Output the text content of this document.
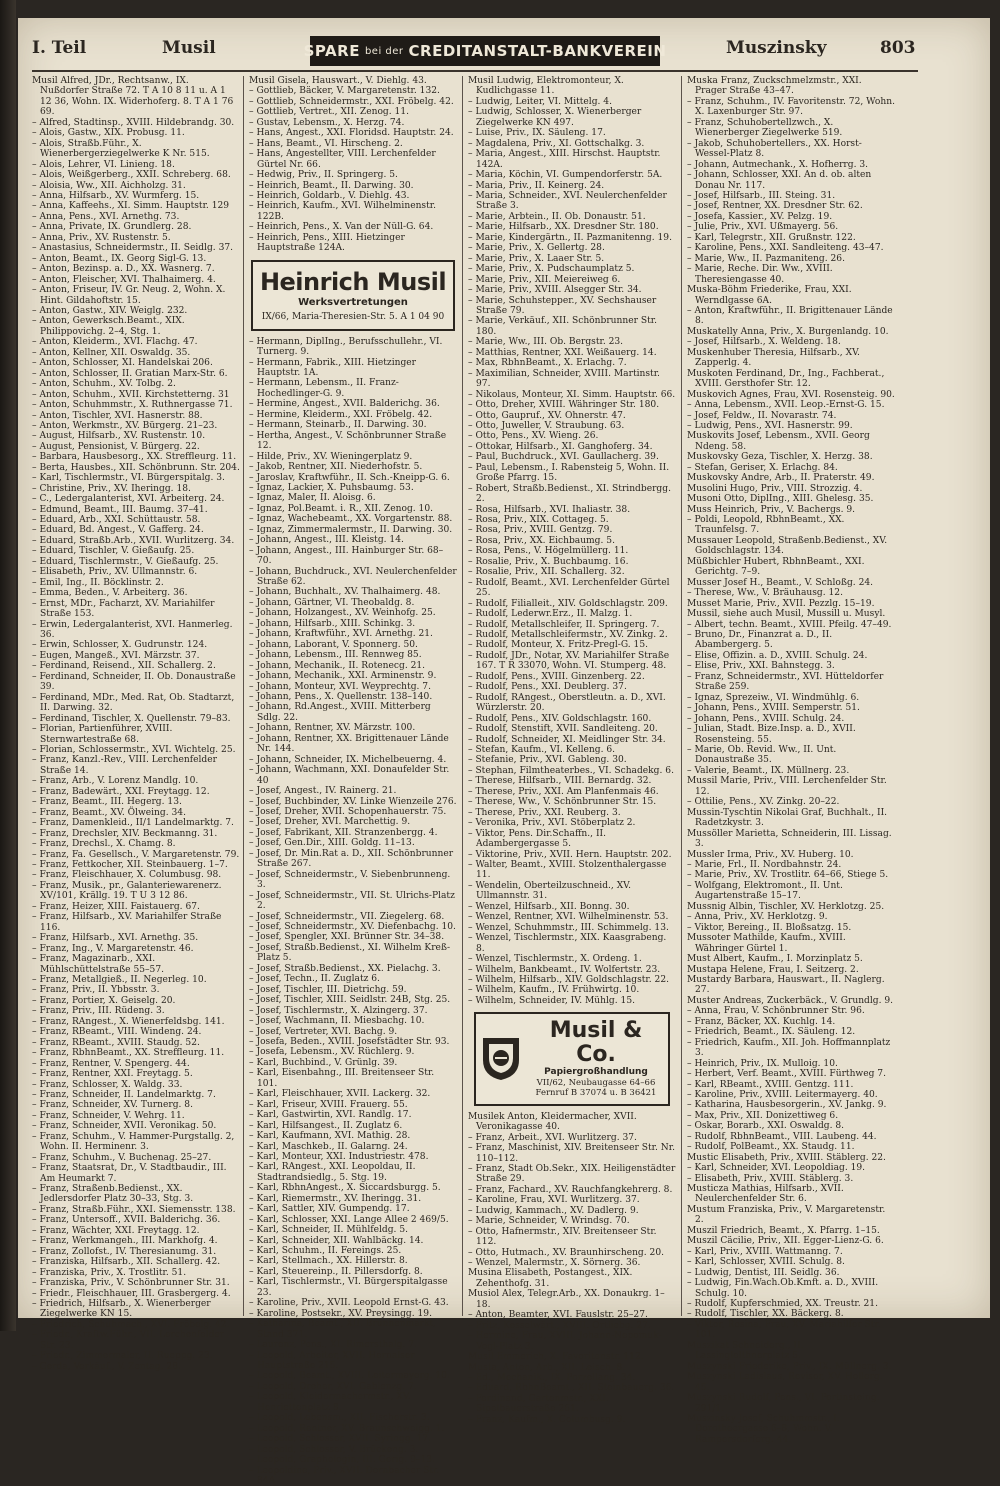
I. Teil	Musil	SPARE bei der CREDITANSTALT-BANKVEREIN	Muszinsky	803

Musil Alfred, JDr., Rechtsanw., IX. Nußdorfer Straße 72. T A 10 8 11 u. A 1 12 36, Wohn. IX. Widerhoferg. 8. T A 1 76 69.

– Alfred, Stadtinsp., XVIII. Hildebrandg. 30.

– Alois, Gastw., XIX. Probusg. 11.

– Alois, Straßb.Führ., X. Wienerbergerziegelwerke K Nr. 515.

– Alois, Lehrer, VI. Linieng. 18.

– Alois, Weißgerberg., XXII. Schreberg. 68.

– Aloisia, Ww., XII. Aichholzg. 31.

– Anna, Hilfsarb., XV. Wurmferg. 15.

– Anna, Kaffeehs., XI. Simm. Hauptstr. 129

– Anna, Pens., XVI. Arnethg. 73.

– Anna, Private, IX. Grundlerg. 28.

– Anna, Priv., XV. Rustenstr. 5.

– Anastasius, Schneidermstr., II. Seidlg. 37.

– Anton, Beamt., IX. Georg Sigl-G. 13.

– Anton, Bezinsp. a. D., XX. Wasnerg. 7.

– Anton, Fleischer, XVI. Thalhaimerg. 4.

– Anton, Friseur, IV. Gr. Neug. 2, Wohn. X. Hint. Gildahoftstr. 15.

– Anton, Gastw., XIV. Weiglg. 232.

– Anton, Gewerksch.Beamt., XIX. Philippovichg. 2–4, Stg. 1.

– Anton, Kleiderm., XVI. Flachg. 47.

– Anton, Kellner, XII. Oswaldg. 35.

– Anton, Schlosser, XI. Handelskai 206.

– Anton, Schlosser, II. Gratian Marx-Str. 6.

– Anton, Schuhm., XV. Tolbg. 2.

– Anton, Schuhm., XVII. Kirchstetterng. 31

– Anton, Schuhmmstr., X. Ruthnergasse 71.

– Anton, Tischler, XVI. Hasnerstr. 88.

– Anton, Werkmstr., XV. Bürgerg. 21–23.

– August, Hilfsarb., XV. Rustenstr. 10.

– August, Pensionist, V. Bürgerg. 22.

– Barbara, Hausbesorg., XX. Streffleurg. 11.

– Berta, Hausbes., XII. Schönbrunn. Str. 204.

– Karl, Tischlermstr., VI. Bürgerspitalg. 3.

– Christine, Priv., XV. Iheringg. 18.

– C., Ledergalanterist, XVI. Arbeiterg. 24.

– Edmund, Beamt., III. Baumg. 37–41.

– Eduard, Arb., XXI. Schüttaustr. 58.

– Eduard, Bd. Angest., V. Gafferg. 24.

– Eduard, Straßb.Arb., XVII. Wurlitzerg. 34.

– Eduard, Tischler, V. Gießaufg. 25.

– Eduard, Tischlermstr., V. Gießaufg. 25.

– Elisabeth, Priv., XV. Ullmannstr. 6.

– Emil, Ing., II. Böcklinstr. 2.

– Emma, Beden., V. Arbeiterg. 36.

– Ernst, MDr., Facharzt, XV. Mariahilfer Straße 153.

– Erwin, Ledergalanterist, XVI. Hanmerleg. 36.

– Erwin, Schlosser, X. Gudrunstr. 124.

– Eugen, Mangeß., XVI. Märzstr. 37.

– Ferdinand, Reisend., XII. Schallerg. 2.

– Ferdinand, Schneider, II. Ob. Donaustraße 39.

– Ferdinand, MDr., Med. Rat, Ob. Stadtarzt, II. Darwing. 32.

– Ferdinand, Tischler, X. Quellenstr. 79–83.

– Florian, Partienführer, XVIII. Sternwartestraße 68.

– Florian, Schlossermstr., XVI. Wichtelg. 25.

– Franz, Kanzl.-Rev., VIII. Lerchenfelder Straße 14.

– Franz, Arb., V. Lorenz Mandlg. 10.

– Franz, Badewärt., XXI. Freytagg. 12.

– Franz, Beamt., III. Hegerg. 13.

– Franz, Beamt., XV. Ölweing. 34.

– Franz, Damenkleid., II/1 Landelmarktg. 7.

– Franz, Drechsler, XIV. Beckmanng. 31.

– Franz, Drechsl., X. Chamg. 8.

– Franz, Fa. Gesellsch., V. Margaretenstr. 79.

– Franz, Fettkocher, XII. Steinbauerg. 1–7.

– Franz, Fleischhauer, X. Columbusg. 98.

– Franz, Musik., pr., Galanteriewarenerz. XV/101, Krällg. 19. T U 3 12 86.

– Franz, Heizer, XIII. Faistauerg. 67.

– Franz, Hilfsarb., XV. Mariahilfer Straße 116.

– Franz, Hilfsarb., XVI. Arnethg. 35.

– Franz, Ing., V. Margaretenstr. 46.

– Franz, Magazinarb., XXI. Mühlschüttelstraße 55–57.

– Franz, Metallgieß., II. Negerleg. 10.

– Franz, Priv., II. Ybbsstr. 3.

– Franz, Portier, X. Geiselg. 20.

– Franz, Priv., III. Rüdeng. 3.

– Franz, RAngest., X. Wienerfeldsbg. 141.

– Franz, RBeamt., VIII. Windeng. 24.

– Franz, RBeamt., XVIII. Staudg. 52.

– Franz, RbhnBeamt., XX. Streffleurg. 11.

– Franz, Rentner, V. Spengerg. 44.

– Franz, Rentner, XXI. Freytagg. 5.

– Franz, Schlosser, X. Waldg. 33.

– Franz, Schneider, II. Landelmarktg. 7.

– Franz, Schneider, XV. Turnerg. 8.

– Franz, Schneider, V. Wehrg. 11.

– Franz, Schneider, XVII. Veronikag. 50.

– Franz, Schuhm., V. Hammer-Purgstallg. 2, Wohn. II. Herminenr. 3.

– Franz, Schuhm., V. Buchenag. 25–27.

– Franz, Staatsrat, Dr., V. Stadtbaudir., III. Am Heumarkt 7.

– Franz, Straßenb.Bedienst., XX. Jedlersdorfer Platz 30–33, Stg. 3.

– Franz, Straßb.Führ., XXI. Siemensstr. 138.

– Franz, Untersoff., XVII. Balderichg. 36.

– Franz, Wächter, XXI. Freytagg. 12.

– Franz, Werkmangeh., III. Markhofg. 4.

– Franz, Zollofst., IV. Theresianumg. 31.

– Franziska, Hilfsarb., XII. Schallerg. 42.

– Franziska, Priv., X. Trostlitr. 51.

– Franziska, Priv., V. Schönbrunner Str. 31.

– Friedr., Fleischhauer, III. Grasbergerg. 4.

– Friedrich, Hilfsarb., X. Wienerberger Ziegelwerke KN 15.

– Friedrich, Schuhmach., XVI. Fröbelg. 42.

– Friedr., Kraftw.Führ., VII. Lerchenfelder Str. 23.

– Friedr., Zimmermaler, II. Rueppg. 23.

– Gerda, Verkäuf., V. Zentag. 28.

Musil Gisela, Hauswart., V. Diehlg. 43.

– Gottlieb, Bäcker, V. Margaretenstr. 132.

– Gottlieb, Schneidermstr., XXI. Fröbelg. 42.

– Gottlieb, Vertret., XII. Zenog. 11.

– Gustav, Lebensm., X. Herzg. 74.

– Hans, Angest., XXI. Floridsd. Hauptstr. 24.

– Hans, Beamt., VI. Hirscheng. 2.

– Hans, Angestellter, VIII. Lerchenfelder Gürtel Nr. 66.

– Hedwig, Priv., II. Springerg. 5.

– Heinrich, Beamt., II. Darwing. 30.

– Heinrich, Goldarb., V. Diehlg. 43.

– Heinrich, Kaufm., XVI. Wilhelminenstr. 122B.

– Heinrich, Pens., X. Van der Nüll-G. 64.

– Heinrich, Pens., XIII. Hietzinger Hauptstraße 124A.

Heinrich Musil
Werksvertretungen
IX/66, Maria-Theresien-Str. 5. A 1 04 90

– Hermann, DiplIng., Berufsschullehr., VI. Turnerg. 9.

– Hermann, Fabrik., XIII. Hietzinger Hauptstr. 1A.

– Hermann, Lebensm., II. Franz-Hochedlinger-G. 9.

– Hermine, Angest., XVII. Balderichg. 36.

– Hermine, Kleiderm., XXI. Fröbelg. 42.

– Hermann, Steinarb., II. Darwing. 30.

– Hertha, Angest., V. Schönbrunner Straße 12.

– Hilde, Priv., XV. Wieningerplatz 9.

– Jakob, Rentner, XII. Niederhofstr. 5.

– Jaroslav, Kraftwführ., II. Sch.-Kneipp-G. 6.

– Ignaz, Lackier, X. Puhsbaumg. 53.

– Ignaz, Maler, II. Aloisg. 6.

– Ignaz, Pol.Beamt. i. R., XII. Zenog. 10.

– Ignaz, Wachebeamt., XX. Vorgartenstr. 88.

– Ignaz, Zimmermalermstr., II. Darwing. 30.

– Johann, Angest., III. Kleistg. 14.

– Johann, Angest., III. Hainburger Str. 68–70.

– Johann, Buchdruck., XVI. Neulerchenfelder Straße 62.

– Johann, Buchhalt., XV. Thalhaimerg. 48.

– Johann, Gärtner, VI. Theobaldg. 8.

– Johann, Holzangest., XV. Weinhofg. 25.

– Johann, Hilfsarb., XIII. Schinkg. 3.

– Johann, Kraftwführ., XVI. Arnethg. 21.

– Johann, Laborant, V. Sponnerg. 50.

– Johann, Lebensm., III. Rennweg 85.

– Johann, Mechanik., II. Rotenecg. 21.

– Johann, Mechanik., XXI. Arminenstr. 9.

– Johann, Monteur, XVI. Weyprechtg. 7.

– Johann, Pens., X. Quellenstr. 138–140.

– Johann, Rd.Angest., XVIII. Mitterberg Sdlg. 22.

– Johann, Rentner, XV. Märzstr. 100.

– Johann, Rentner, XX. Brigittenauer Lände Nr. 144.

– Johann, Schneider, IX. Michelbeuerng. 4.

– Johann, Wachmann, XXI. Donaufelder Str. 40

– Josef, Angest., IV. Rainerg. 21.

– Josef, Buchbinder, XV. Linke Wienzeile 276.

– Josef, Dreher, XVII. Schopenhauerstr. 75.

– Josef, Dreher, XVI. Marchettig. 9.

– Josef, Fabrikant, XII. Stranzenbergg. 4.

– Josef, Gen.Dir., XIII. Goldg. 11–13.

– Josef, Dr. Min.Rat a. D., XII. Schönbrunner Straße 267.

– Josef, Schneidermstr., V. Siebenbrunneng. 3.

– Josef, Schneidermstr., VII. St. Ulrichs-Platz 2.

– Josef, Schneidermstr., VII. Ziegelerg. 68.

– Josef, Schneidermstr., XV. Diefenbachg. 10.

– Josef, Spengler, XXI. Brünner Str. 34–38.

– Josef, Straßb.Bedienst., XI. Wilhelm Kreß-Platz 5.

– Josef, Straßb.Bedienst., XX. Pielachg. 3.

– Josef, Techn., II. Zuglatz 6.

– Josef, Tischler, III. Dietrichg. 59.

– Josef, Tischler, XIII. Seidlstr. 24B, Stg. 25.

– Josef, Tischlermstr., X. Alzingerg. 37.

– Josef, Wachmann, II. Miesbachg. 10.

– Josef, Vertreter, XVI. Bachg. 9.

– Josefa, Beden., XVIII. Josefstädter Str. 93.

– Josefa, Lebensm., XV. Rüchlerg. 9.

– Karl, Buchbind., V. Grünlg. 39.

– Karl, Eisenbahng., III. Breitenseer Str. 101.

– Karl, Fleischhauer, XVII. Lackerg. 32.

– Karl, Friseur, XVIII. Frauerg. 55.

– Karl, Gastwirtin, XVI. Randlg. 17.

– Karl, Hilfsangest., II. Zuglatz 6.

– Karl, Kaufmann, XVI. Mathig. 28.

– Karl, Maschkeb., II. Galarng. 24.

– Karl, Monteur, XXI. Industriestr. 478.

– Karl, RAngest., XXI. Leopoldau, II. Stadtrandsiedlg., 5. Stg. 19.

– Karl, RbhnAngest., X. Siccardsburgg. 5.

– Karl, Riemermstr., XV. Iheringg. 31.

– Karl, Sattler, XIV. Gumpendg. 17.

– Karl, Schlosser, XXI. Lange Allee 2 469/5.

– Karl, Schneider, II. Mühlfeldg. 5.

– Karl, Schneider, XII. Wahlbäckg. 14.

– Karl, Schuhm., II. Fereings. 25.

– Karl, Stellmach., XX. Hillerstr. 8.

– Karl, Steuereinp., II. Pillersdorfg. 8.

– Karl, Tischlermstr., VI. Bürgerspitalgasse 23.

– Karoline, Priv., XVII. Leopold Ernst-G. 43.

– Karoline, Postsekr., XV. Preysingg. 19.

– Katharina, Beamt., XII. Brunnenmarkt, Stand 371.

– Laurenz, Pens., XI. Rimersthalg. 7.

– Leopold, Arbeiter, XVII. Hernalser Hauptstraße 215.

– Leopold, Beamt., XVIII. Leitermayerg. 10.

– Leopold, Dreher, XVI. Gablenzg. 7.

– Leopold, Kleidermachermstr., XV. Henriettenplatz 8.

– Leopold, Lebensm., XII. Fischerstr. 3.

– Leopold, Rentner, XV. Braunschweigg. 1.

– Leopold, Schlosser, XVII. Syringg. 17.

– Leopold, Schlosser, V. Brückeng. 3.

– Leopold, Graphologin, III. Gerig. 9–13.

– Leopoldine, Priv., XVII. Dornbacher Str. 84A

Musil Ludwig, Elektromonteur, X. Kudlichgasse 11.

– Ludwig, Leiter, VI. Mittelg. 4.

– Ludwig, Schlosser, X. Wienerberger Ziegelwerke KN 497.

– Luise, Priv., IX. Säuleng. 17.

– Magdalena, Priv., XI. Gottschalkg. 3.

– Maria, Angest., XIII. Hirschst. Hauptstr. 142A.

– Maria, Köchin, VI. Gumpendorferstr. 5A.

– Maria, Priv., II. Keinerg. 24.

– Maria, Schneider., XVI. Neulerchenfelder Straße 3.

– Marie, Arbtein., II. Ob. Donaustr. 51.

– Marie, Hilfsarb., XX. Dresdner Str. 180.

– Marie, Kindergärtn., II. Pazmanitenng. 19.

– Marie, Priv., X. Gellertg. 28.

– Marie, Priv., X. Laaer Str. 5.

– Marie, Priv., X. Pudschaumplatz 5.

– Marie, Priv., XII. Meiereiweg 6.

– Marie, Priv., XVIII. Alsegger Str. 34.

– Marie, Schuhstepper., XV. Sechshauser Straße 79.

– Marie, Verkäuf., XII. Schönbrunner Str. 180.

– Marie, Ww., III. Ob. Bergstr. 23.

– Matthias, Rentner, XXI. Weißauerg. 14.

– Max, RbhnBeamt., X. Erlachg. 7.

– Maximilian, Schneider, XVIII. Martinstr. 97.

– Nikolaus, Monteur, XI. Simm. Hauptstr. 66.

– Otto, Dreher, XVIII. Währinger Str. 180.

– Otto, Gaupruf., XV. Ohnerstr. 47.

– Otto, Juweller, V. Straubung. 63.

– Otto, Pens., XV. Wieng. 26.

– Ottokar, Hilfsarb., XI. Ganghoferg. 34.

– Paul, Buchdruck., XVI. Gaullacherg. 39.

– Paul, Lebensm., I. Rabensteig 5, Wohn. II. Große Pfarrg. 15.

– Robert, Straßb.Bedienst., XI. Strindbergg. 2.

– Rosa, Hilfsarb., XVI. Ihaliastr. 38.

– Rosa, Priv., XIX. Cottageg. 5.

– Rosa, Priv., XVIII. Gentzg. 79.

– Rosa, Priv., XX. Eichbaumg. 5.

– Rosa, Pens., V. Högelmüllerg. 11.

– Rosalie, Priv., X. Buchbaumg. 16.

– Rosalie, Priv., XII. Schallerg. 32.

– Rudolf, Beamt., XVI. Lerchenfelder Gürtel 25.

– Rudolf, Filialleit., XIV. Goldschlagstr. 209.

– Rudolf, Lederwr.Erz., II. Malzg. 1.

– Rudolf, Metallschleifer, II. Springerg. 7.

– Rudolf, Metallschleifermstr., XV. Zinkg. 2.

– Rudolf, Monteur, X. Fritz-Pregl-G. 15.

– Rudolf, JDr., Notar, XV. Mariahilfer Straße 167. T R 33070, Wohn. VI. Stumperg. 48.

– Rudolf, Pens., XVIII. Ginzenberg. 22.

– Rudolf, Pens., XXI. Deublerg. 37.

– Rudolf, RAngest., Oberstleutn. a. D., XVI. Würzlerstr. 20.

– Rudolf, Pens., XIV. Goldschlagstr. 160.

– Rudolf, Stenstift, XVII. Sandleiteng. 20.

– Rudolf, Schneider, XI. Meidlinger Str. 34.

– Stefan, Kaufm., VI. Kelleng. 6.

– Stefanie, Priv., XVI. Gableng. 30.

– Stephan, Filmtheaterbes., VI. Schadekg. 6.

– Therese, Hilfsarb., VIII. Bernardg. 32.

– Therese, Priv., XXI. Am Planfenmais 46.

– Therese, Ww., V. Schönbrunner Str. 15.

– Therese, Priv., XXI. Reuberg. 3.

– Veronika, Priv., XVI. Stöberplatz 2.

– Viktor, Pens. Dir.Schaffn., II. Adambergergasse 5.

– Viktorine, Priv., XVII. Hern. Hauptstr. 202.

– Walter, Beamt., XVIII. Stolzenthalergasse 11.

– Wendelin, Oberteilzuschneid., XV. Ullmannstr. 31.

– Wenzel, Hilfsarb., XII. Bonng. 30.

– Wenzel, Rentner, XVI. Wilhelminenstr. 53.

– Wenzel, Schuhmmstr., III. Schimmelg. 13.

– Wenzel, Tischlermstr., XIX. Kaasgrabeng. 8.

– Wenzel, Tischlermstr., X. Ordeng. 1.

– Wilhelm, Bankbeamt., IV. Wolfertstr. 23.

– Wilhelm, Hilfsarb., XIV. Goldschlagstr. 22.

– Wilhelm, Kaufm., IV. Frühwirtg. 10.

– Wilhelm, Schneider, IV. Mühlg. 15.

Musil & Co.
Papiergroßhandlung
VII/62, Neubaugasse 64–66
Fernruf B 37074 u. B 36421

Musilek Anton, Kleidermacher, XVII. Veronikagasse 40.

– Franz, Arbeit., XVI. Wurlitzerg. 37.

– Franz, Maschinist, XIV. Breitenseer Str. Nr. 110–112.

– Franz, Stadt Ob.Sekr., XIX. Heiligenstädter Straße 29.

– Franz, Fachard., XV. Rauchfangkehrerg. 8.

– Karoline, Frau, XVI. Wurlitzerg. 37.

– Ludwig, Kammach., XV. Dadlerg. 9.

– Marie, Schneider, V. Wrindsg. 70.

– Otto, Hafnermstr., XIV. Breitenseer Str. 112.

– Otto, Hutmach., XV. Braunhirscheng. 20.

– Wenzel, Malermstr., X. Sörnerg. 36.

Musina Elisabeth, Postangest., XIX. Zehenthofg. 31.

Musiol Alex, Telegr.Arb., XX. Donaukrg. 1–18.

– Anton, Beamter, XVI. Fauslstr. 25–27.

– Fritz, Kesselwärt., XVIII. Ortliebg. 27.

– Hermine, Frau, XVIII. Johann-Nepomuk-Vogl-Platz 3.

Musil Emmerich, X. Favoritenstr. 112.

Musta, Anton, Arb., XII. Leisch. 8.

– Ed., Mechanik., IX. Porzellang. 34.

– Eduard, RbhnBeamt., XII. Steinbauerg. 36.

– Ferdinand, Gartenmstr., XXI. Sipelbauerstraße 261.

– Franz, Kaufm., X. Columbusg. 9.

Muska Franz, Zuckschmelzmstr., XXI. Prager Straße 43–47.

– Franz, Schuhm., IV. Favoritenstr. 72, Wohn. X. Laxenburger Str. 97.

– Franz, Schuhobertellzwch., X. Wienerberger Ziegelwerke 519.

– Jakob, Schuhobertellers., XX. Horst-Wessel-Platz 8.

– Johann, Autmechank., X. Hofherrg. 3.

– Johann, Schlosser, XXI. An d. ob. alten Donau Nr. 117.

– Josef, Hilfsarb., III. Steing. 31.

– Josef, Rentner, XX. Dresdner Str. 62.

– Josefa, Kassier., XV. Pelzg. 19.

– Julie, Priv., XVI. Ußmayerg. 56.

– Karl, Telegrstr., XII. Grußnstr. 122.

– Karoline, Pens., XXI. Sandleiteng. 43–47.

– Marie, Ww., II. Pazmaniteng. 26.

– Marie, Reche. Dir. Ww., XVIII. Theresiengasse 40.

Muska-Böhm Friederike, Frau, XXI. Werndlgasse 6A.

– Anton, Kraftwführ., II. Brigittenauer Lände 8.

Muskatelly Anna, Priv., X. Burgenlandg. 10.

– Josef, Hilfsarb., X. Weldeng. 18.

Muskenhuber Theresia, Hilfsarb., XV. Zapperlg. 4.

Muskoten Ferdinand, Dr., Ing., Fachberat., XVIII. Gersthofer Str. 12.

Muskovich Agnes, Frau, XVI. Rosensteig. 90.

– Anna, Lebensm., XVII. Leop.-Ernst-G. 15.

– Josef, Feldw., II. Novarastr. 74.

– Ludwig, Pens., XVI. Hasnerstr. 99.

Muskovits Josef, Lebensm., XVII. Georg Ndeng. 58.

Muskovsky Geza, Tischler, X. Herzg. 38.

– Stefan, Geriser, X. Erlachg. 84.

Muskovsky Andre, Arb., II. Praterstr. 49.

Musolini Hugo, Priv., VIII. Strozzig. 4.

Musoni Otto, DiplIng., XIII. Ghelesg. 35.

Muss Heinrich, Priv., V. Bachergs. 9.

– Poldi, Leopold, RbhnBeamt., XX. Traunfelsg. 7.

Mussauer Leopold, Straßenb.Bedienst., XV. Goldschlagstr. 134.

Müßbichler Hubert, RbhnBeamt., XXI. Gerichtg. 7–9.

Musser Josef H., Beamt., V. Schloßg. 24.

– Therese, Ww., V. Bräuhausg. 12.

Musset Marie, Priv., XVII. Pezzlg. 15–19.

Mussil, siehe auch Musil, Mussill u. Musyl.

– Albert, techn. Beamt., XVIII. Pfeilg. 47–49.

– Bruno, Dr., Finanzrat a. D., II. Abambergerg. 5.

– Elise, Offizin. a. D., XVIII. Schulg. 24.

– Elise, Priv., XXI. Bahnstegg. 3.

– Franz, Schneidermstr., XVI. Hütteldorfer Straße 259.

– Ignaz, Sprezeiw., VI. Windmühlg. 6.

– Johann, Pens., XVIII. Semperstr. 51.

– Johann, Pens., XVIII. Schulg. 24.

– Julian, Stadt. Bize.Insp. a. D., XVII. Rosensteing. 55.

– Marie, Ob. Revid. Ww., II. Unt. Donaustraße 35.

– Valerie, Beamt., IX. Müllnerg. 23.

Mussil Marie, Priv., VIII. Lerchenfelder Str. 12.

– Ottilie, Pens., XV. Zinkg. 20–22.

Mussin-Tyschtin Nikolai Graf, Buchhalt., II. Radetzkystr. 3.

Mussöller Marietta, Schneiderin, III. Lissag. 3.

Mussler Irma, Priv., XV. Huberg. 10.

– Marie, Frl., II. Nordbahnstr. 24.

– Marie, Priv., XV. Trostlitr. 64–66, Stiege 5.

– Wolfgang, Elektromont., II. Unt. Augartenstraße 15–17.

Mussnig Albin, Tischler, XV. Herklotzg. 25.

– Anna, Priv., XV. Herklotzg. 9.

– Viktor, Bereing., II. Bloßsatzg. 15.

Mussoter Mathilde, Kaufm., XVIII. Währinger Gürtel 1.

Must Albert, Kaufm., I. Morzinplatz 5.

Mustapa Helene, Frau, I. Seitzerg. 2.

Mustardy Barbara, Hauswart., II. Naglerg. 27.

Muster Andreas, Zuckerbäck., V. Grundlg. 9.

– Anna, Frau, V. Schönbrunner Str. 96.

– Franz, Bäcker, XX. Kuchlg. 14.

– Friedrich, Beamt., IX. Säuleng. 12.

– Friedrich, Kaufm., XII. Joh. Hoffmannplatz 3.

– Heinrich, Priv., IX. Mulloig. 10.

– Herbert, Verf. Beamt., XVIII. Fürthweg 7.

– Karl, RBeamt., XVIII. Gentzg. 111.

– Karoline, Priv., XVIII. Leitermayerg. 40.

– Katharina, Hausbesorgerin., XV. Jankg. 9.

– Max, Priv., XII. Donizettiweg 6.

– Oskar, Borarb., XXI. Oswaldg. 8.

– Rudolf, RbhnBeamt., VIII. Laubeng. 44.

– Rudolf, PolBeamt., XX. Staudg. 11.

Mustic Elisabeth, Priv., XVIII. Stäblerg. 22.

– Karl, Schneider, XVI. Leopoldiag. 19.

– Elisabeth, Priv., XVIII. Stäblerg. 3.

Musticza Mathias, Hilfsarb., XVII. Neulerchenfelder Str. 6.

Mustum Franziska, Priv., V. Margaretenstr. 2.

Muszil Friedrich, Beamt., X. Pfarrg. 1–15.

Muszil Cäcilie, Priv., XII. Egger-Lienz-G. 6.

– Karl, Priv., XVIII. Wattmanng. 7.

– Karl, Schlosser, XVIII. Schulg. 8.

– Ludwig, Dentist, III. Seidlg. 36.

– Ludwig, Fin.Wach.Ob.Kmft. a. D., XVIII. Schulg. 10.

– Rudolf, Kupferschmied, XX. Treustr. 21.

– Rudolf, Tischler, XX. Bäckerg. 8.

– Viktor, Rosina, Frau, XV. Mariahilfer Str. 101.

Muszikat Schneiderg., II. Lassinglelthnerplatz 5.

Muszynski Friederike, Priv., IX. Müllnerg. 3.

Muszynski Ladislaus, Revisor, XV. Hollerg. 45.

Muszynski Rudolf, Pens., VI. Pertinsteing. 291/1.

Muszinsky Josef, Schuhmmstr., I. Dorotheergasse 6–8, Wohn. V. Rampersdorferg. 44.
